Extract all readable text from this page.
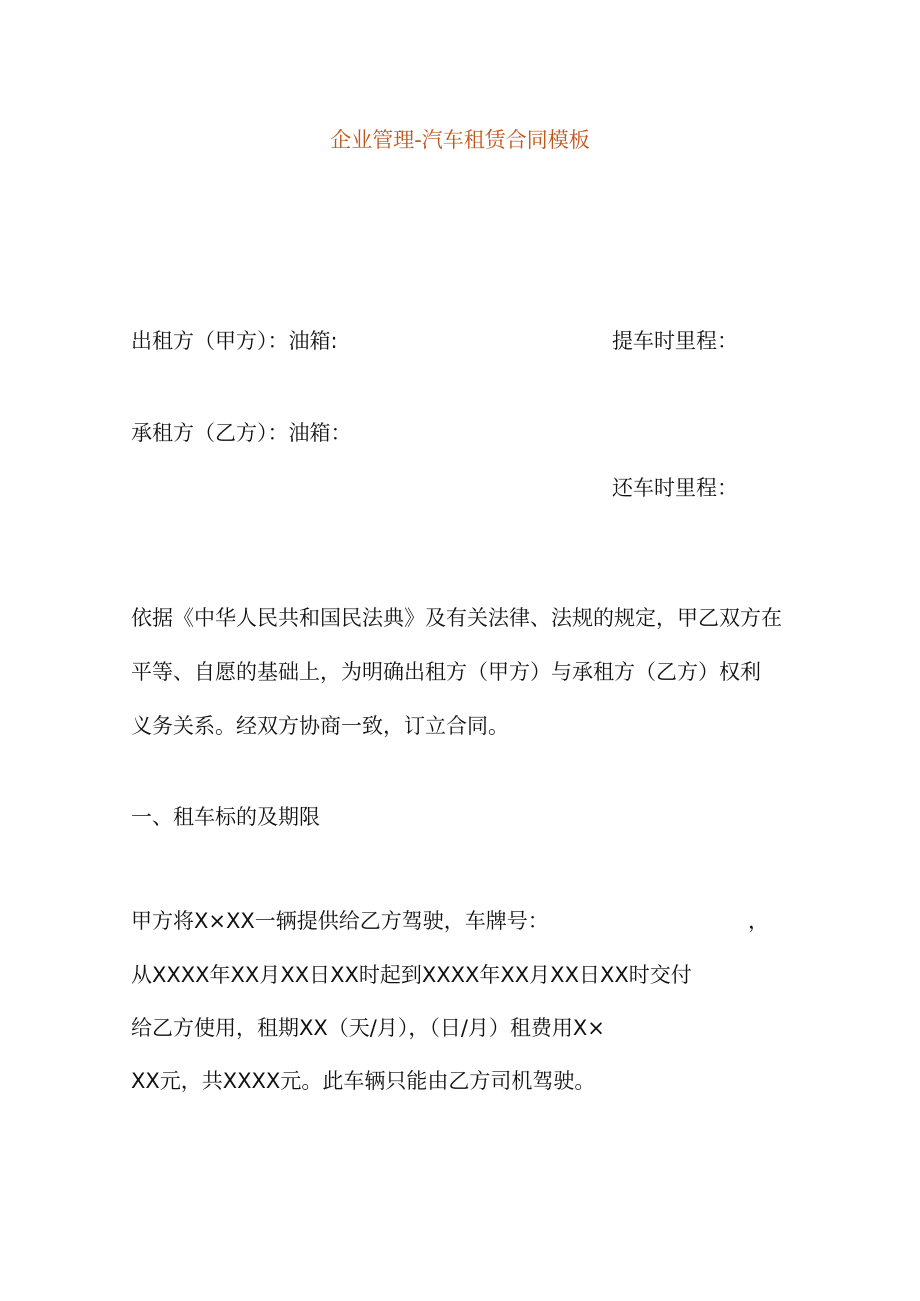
企业管理-汽车租赁合同模板
出租方（甲方）：油箱:	提车时里程：
承租方（乙方）：油箱：
还车时里程：
依据《中华人民共和国民法典》及有关法律、法规的规定，甲乙双方在
平等、自愿的基础上，为明确出租方（甲方）与承租方（乙方）权利
义务关系。经双方协商一致，订立合同。
一、租车标的及期限
甲方将X×XX一辆提供给乙方驾驶，车牌号：	，
从XXXX年XX月XX日XX时起到XXXX年XX月XX日XX时交付
给乙方使用，租期XX（天/月），（日/月）租费用X×
XX元，共XXXX元。此车辆只能由乙方司机驾驶。
